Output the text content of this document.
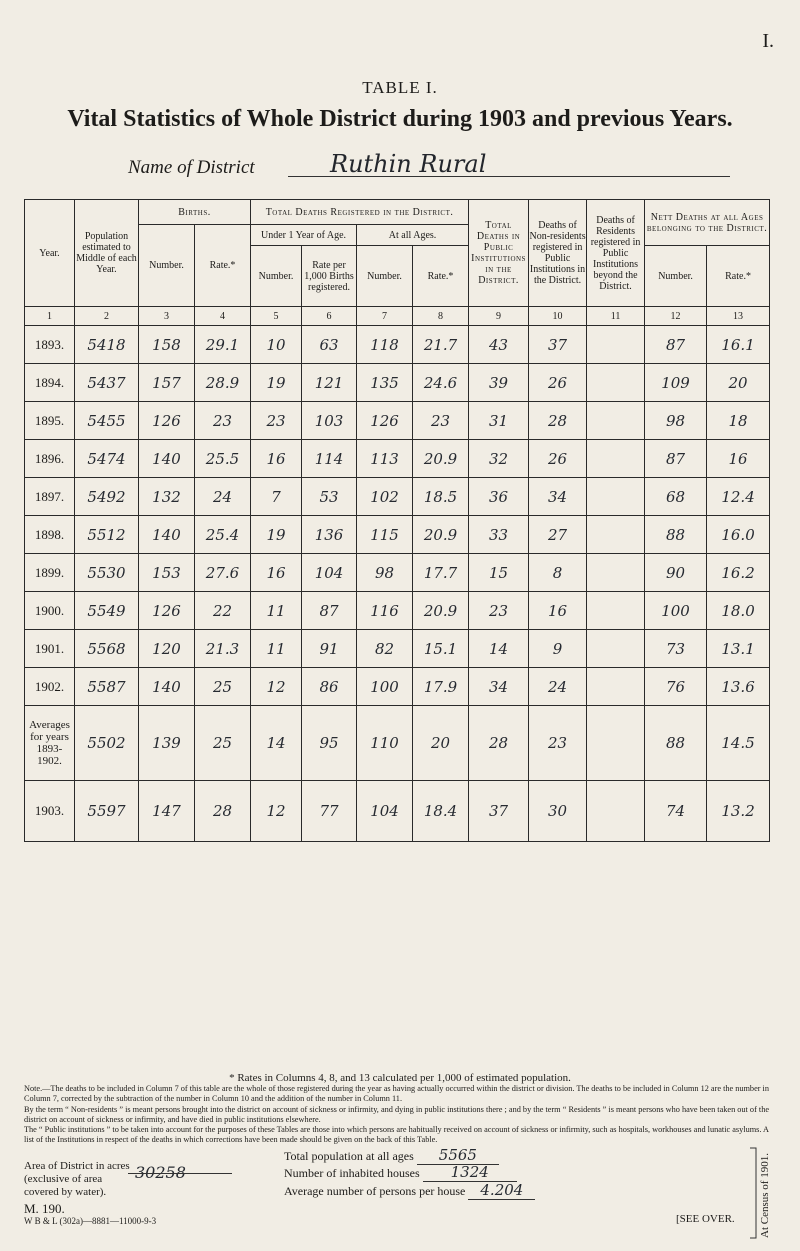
I.
TABLE I.
Vital Statistics of Whole District during 1903 and previous Years.
Name of District	Ruthin Rural
Year.	Population estimated to Middle of each Year.	Births.		Total Deaths Registered in the District.				Total Deaths in Public Institutions in the District.	Deaths of Non-residents registered in Public Institutions in the District.	Deaths of Residents registered in Public Institutions beyond the District.	Nett Deaths at all Ages belonging to the District.	
		Number.	Rate.*	Under 1 Year of Age.		At all Ages.						
				Number.	Rate per 1,000 Births registered.	Number.	Rate.*				Number.	Rate.*
1	2	3	4	5	6	7	8	9	10	11	12	13
1893.	5418	158	29.1	10	63	118	21.7	43	37		87	16.1
1894.	5437	157	28.9	19	121	135	24.6	39	26		109	20
1895.	5455	126	23	23	103	126	23	31	28		98	18
1896.	5474	140	25.5	16	114	113	20.9	32	26		87	16
1897.	5492	132	24	7	53	102	18.5	36	34		68	12.4
1898.	5512	140	25.4	19	136	115	20.9	33	27		88	16.0
1899.	5530	153	27.6	16	104	98	17.7	15	8		90	16.2
1900.	5549	126	22	11	87	116	20.9	23	16		100	18.0
1901.	5568	120	21.3	11	91	82	15.1	14	9		73	13.1
1902.	5587	140	25	12	86	100	17.9	34	24		76	13.6
Averages for years 1893-1902.	5502	139	25	14	95	110	20	28	23		88	14.5
1903.	5597	147	28	12	77	104	18.4	37	30		74	13.2
* Rates in Columns 4, 8, and 13 calculated per 1,000 of estimated population.
Note.—The deaths to be included in Column 7 of this table are the whole of those registered during the year as having actually occurred within the district or division. The deaths to be included in Column 12 are the number in Column 7, corrected by the subtraction of the number in Column 10 and the addition of the number in Column 11.
By the term “ Non-residents ” is meant persons brought into the district on account of sickness or infirmity, and dying in public institutions there ; and by the term “ Residents ” is meant persons who have been taken out of the district on account of sickness or infirmity, and have died in public institutions elsewhere.
The “ Public institutions ” to be taken into account for the purposes of these Tables are those into which persons are habitually received on account of sickness or infirmity, such as hospitals, workhouses and lunatic asylums. A list of the Institutions in respect of the deaths in which corrections have been made should be given on the back of this Table.
Area of District in acres
(exclusive of area
covered by water).
30258
Total population at all ages 5565
Number of inhabited houses 1324
Average number of persons per house 4.204	At Census of 1901.
M. 190.
W B & L (302a)—8881—11000-9-3	[SEE OVER.
